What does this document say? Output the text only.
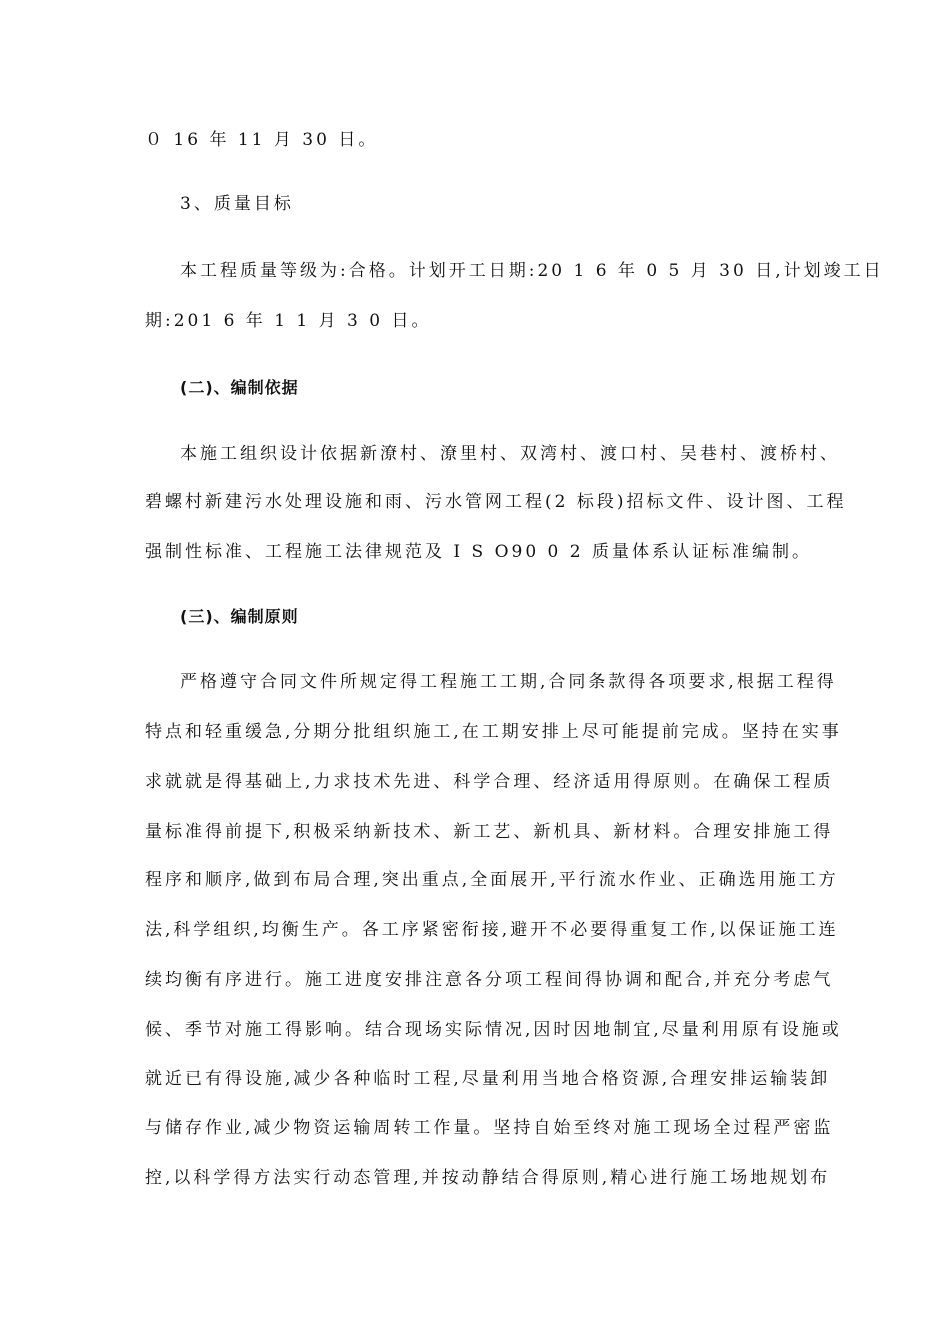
０ 16 年 11 月 30 日。
3、质量目标
本工程质量等级为:合格。计划开工日期:20 1 6 年 0 5 月 30 日,计划竣工日
期:201 6 年 1 1 月 3 0 日。
(二)、编制依据
本施工组织设计依据新潦村、潦里村、双湾村、渡口村、吴巷村、渡桥村、
碧螺村新建污水处理设施和雨、污水管网工程(2 标段)招标文件、设计图、工程
强制性标准、工程施工法律规范及 I S O90 0 2 质量体系认证标准编制。
(三)、编制原则
严格遵守合同文件所规定得工程施工工期,合同条款得各项要求,根据工程得
特点和轻重缓急,分期分批组织施工,在工期安排上尽可能提前完成。坚持在实事
求就就是得基础上,力求技术先进、科学合理、经济适用得原则。在确保工程质
量标准得前提下,积极采纳新技术、新工艺、新机具、新材料。合理安排施工得
程序和顺序,做到布局合理,突出重点,全面展开,平行流水作业、正确选用施工方
法,科学组织,均衡生产。各工序紧密衔接,避开不必要得重复工作,以保证施工连
续均衡有序进行。施工进度安排注意各分项工程间得协调和配合,并充分考虑气
候、季节对施工得影响。结合现场实际情况,因时因地制宜,尽量利用原有设施或
就近已有得设施,减少各种临时工程,尽量利用当地合格资源,合理安排运输装卸
与储存作业,减少物资运输周转工作量。坚持自始至终对施工现场全过程严密监
控,以科学得方法实行动态管理,并按动静结合得原则,精心进行施工场地规划布
